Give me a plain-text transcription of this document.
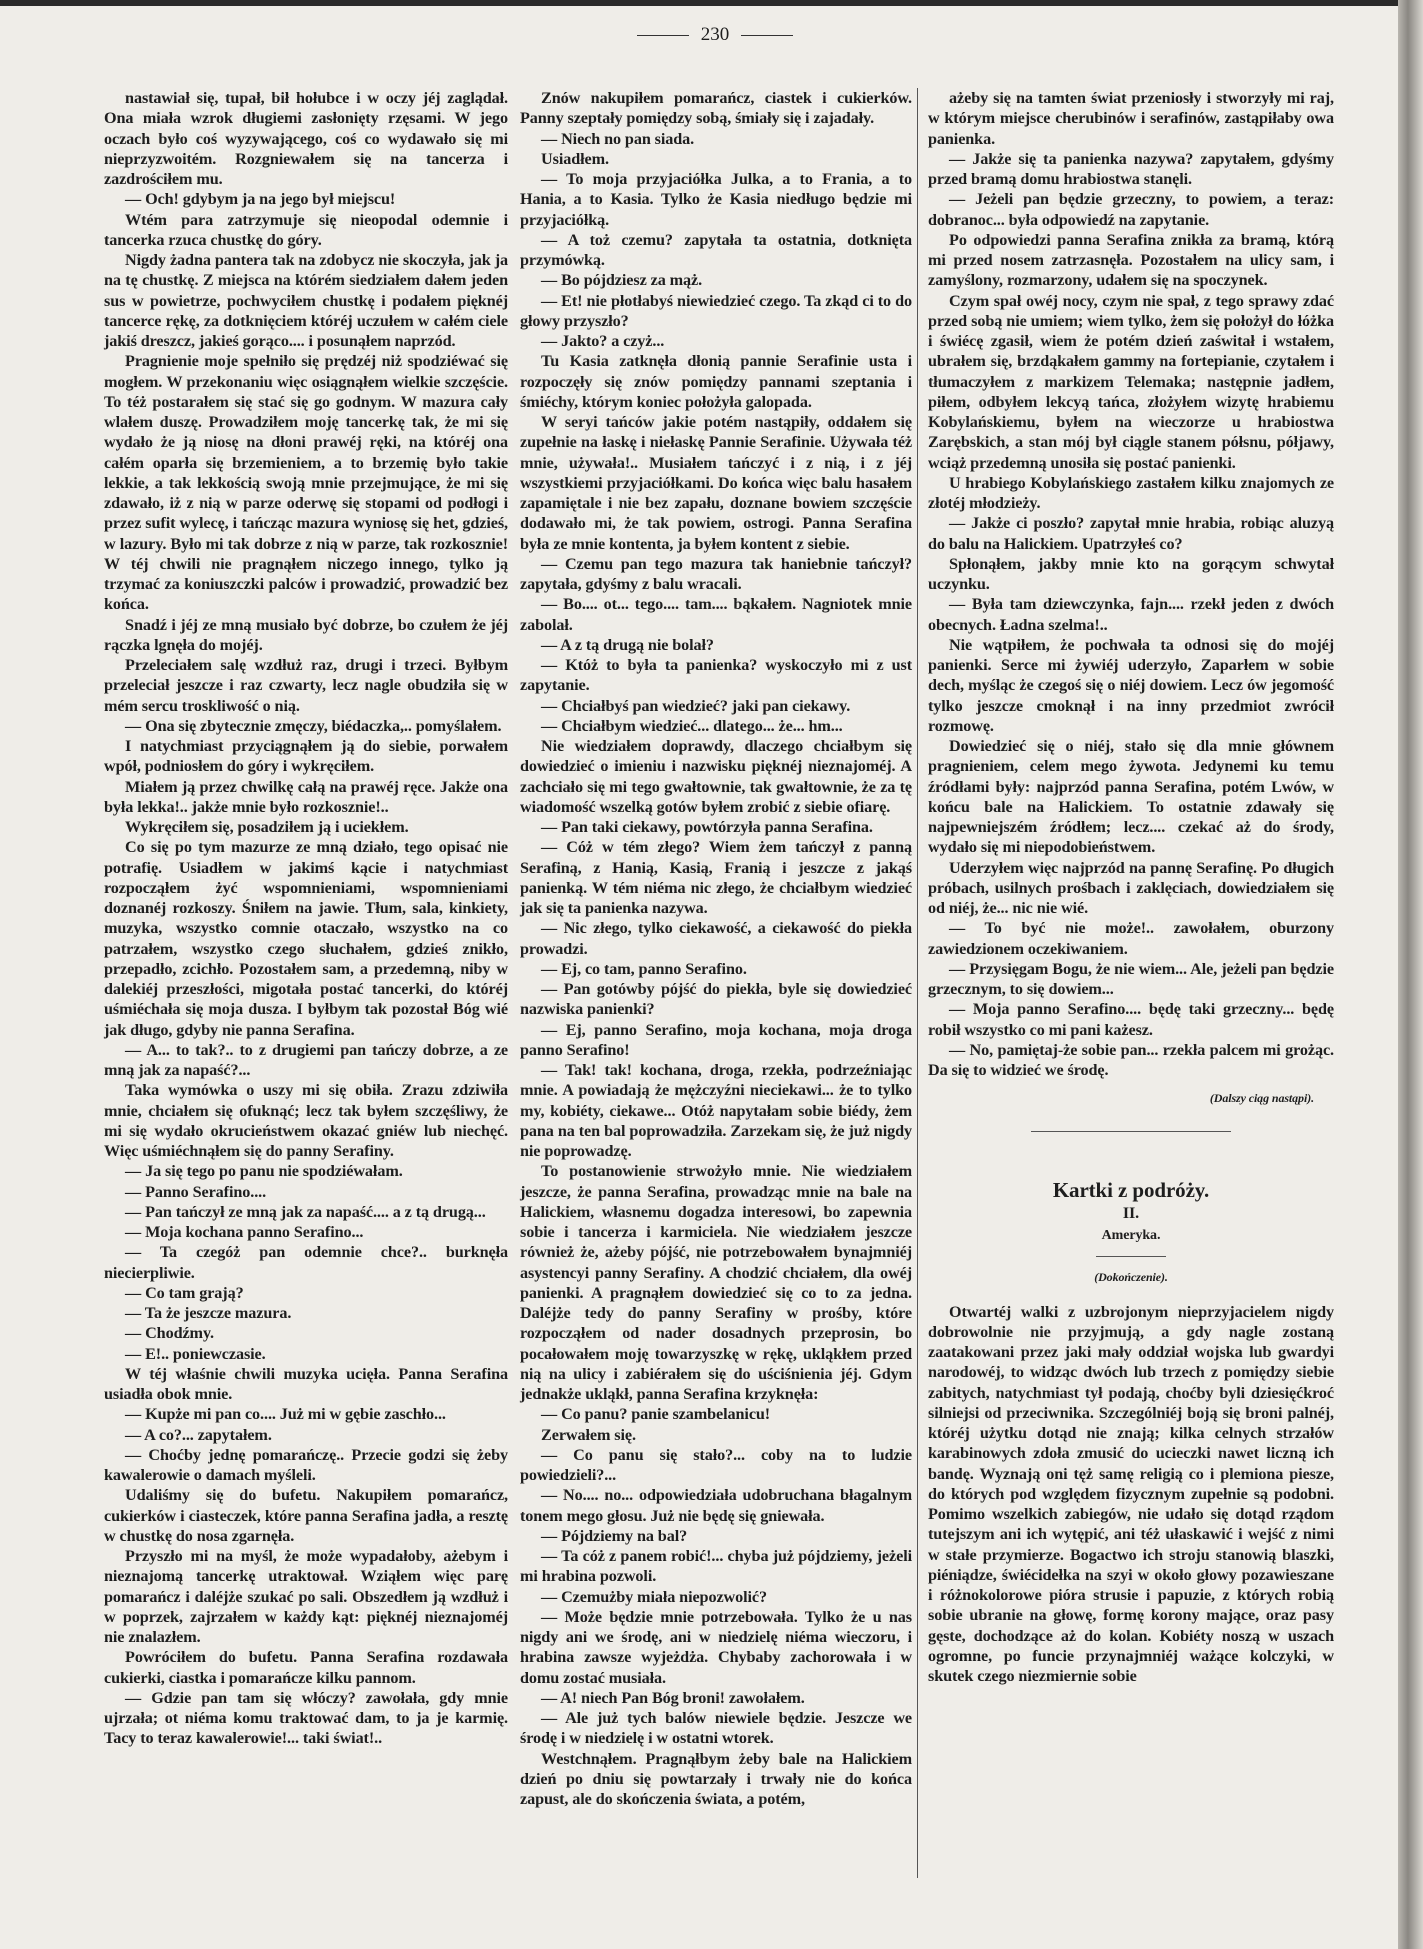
230

nastawiał się, tupał, bił hołubce i w oczy jéj zaglądał. Ona miała wzrok długiemi zasłonięty rzęsami. W jego oczach było coś wyzywającego, coś co wydawało się mi nieprzyzwoitém. Rozgniewałem się na tancerza i zazdrościłem mu.

— Och! gdybym ja na jego był miejscu!

Wtém para zatrzymuje się nieopodal odemnie i tancerka rzuca chustkę do góry.

Nigdy żadna pantera tak na zdobycz nie skoczyła, jak ja na tę chustkę. Z miejsca na którém siedziałem dałem jeden sus w powietrze, pochwyciłem chustkę i podałem pięknéj tancerce rękę, za dotknięciem któréj uczułem w całém ciele jakiś dreszcz, jakieś gorąco.... i posunąłem naprzód.

Pragnienie moje spełniło się prędzéj niż spodziéwać się mogłem. W przekonaniu więc osiągnąłem wielkie szczęście. To téż postarałem się stać się go godnym. W mazura cały wlałem duszę. Prowadziłem moję tancerkę tak, że mi się wydało że ją niosę na dłoni prawéj ręki, na któréj ona całém oparła się brzemieniem, a to brzemię było takie lekkie, a tak lekkością swoją mnie przejmujące, że mi się zdawało, iż z nią w parze oderwę się stopami od podłogi i przez sufit wylecę, i tańcząc mazura wyniosę się het, gdzieś, w lazury. Było mi tak dobrze z nią w parze, tak rozkosznie! W téj chwili nie pragnąłem niczego innego, tylko ją trzymać za koniuszczki palców i prowadzić, prowadzić bez końca.

Snadź i jéj ze mną musiało być dobrze, bo czułem że jéj rączka lgnęła do mojéj.

Przeleciałem salę wzdłuż raz, drugi i trzeci. Byłbym przeleciał jeszcze i raz czwarty, lecz nagle obudziła się w mém sercu troskliwość o nią.

— Ona się zbytecznie zmęczy, biédaczka,.. pomyślałem.

I natychmiast przyciągnąłem ją do siebie, porwałem wpół, podniosłem do góry i wykręciłem.

Miałem ją przez chwilkę całą na prawéj ręce. Jakże ona była lekka!.. jakże mnie było rozkosznie!..

Wykręciłem się, posadziłem ją i uciekłem.

Co się po tym mazurze ze mną działo, tego opisać nie potrafię. Usiadłem w jakimś kącie i natychmiast rozpocząłem żyć wspomnieniami, wspomnieniami doznanéj rozkoszy. Śniłem na jawie. Tłum, sala, kinkiety, muzyka, wszystko comnie otaczało, wszystko na co patrzałem, wszystko czego słuchałem, gdzieś znikło, przepadło, zcichło. Pozostałem sam, a przedemną, niby w dalekiéj przeszłości, migotała postać tancerki, do któréj uśmiéchała się moja dusza. I byłbym tak pozostał Bóg wié jak długo, gdyby nie panna Serafina.

— A... to tak?.. to z drugiemi pan tańczy dobrze, a ze mną jak za napaść?...

Taka wymówka o uszy mi się obiła. Zrazu zdziwiła mnie, chciałem się ofuknąć; lecz tak byłem szczęśliwy, że mi się wydało okrucieństwem okazać gniéw lub niechęć. Więc uśmiéchnąłem się do panny Serafiny.

— Ja się tego po panu nie spodziéwałam.

— Panno Serafino....

— Pan tańczył ze mną jak za napaść.... a z tą drugą...

— Moja kochana panno Serafino...

— Ta czegóż pan odemnie chce?.. burknęła niecierpliwie.

— Co tam grają?

— Ta że jeszcze mazura.

— Chodźmy.

— E!.. poniewczasie.

W téj właśnie chwili muzyka ucięła. Panna Serafina usiadła obok mnie.

— Kupże mi pan co.... Już mi w gębie zaschło...

— A co?... zapytałem.

— Choćby jednę pomarańczę.. Przecie godzi się żeby kawalerowie o damach myśleli.

Udaliśmy się do bufetu. Nakupiłem pomarańcz, cukierków i ciasteczek, które panna Serafina jadła, a resztę w chustkę do nosa zgarnęła.

Przyszło mi na myśl, że może wypadałoby, ażebym i nieznajomą tancerkę utraktował. Wziąłem więc parę pomarańcz i daléjże szukać po sali. Obszedłem ją wzdłuż i w poprzek, zajrzałem w każdy kąt: pięknéj nieznajoméj nie znalazłem.

Powróciłem do bufetu. Panna Serafina rozdawała cukierki, ciastka i pomarańcze kilku pannom.

— Gdzie pan tam się włóczy? zawołała, gdy mnie ujrzała; ot niéma komu traktować dam, to ja je karmię. Tacy to teraz kawalerowie!... taki świat!..

Znów nakupiłem pomarańcz, ciastek i cukierków. Panny szeptały pomiędzy sobą, śmiały się i zajadały.

— Niech no pan siada.

Usiadłem.

— To moja przyjaciółka Julka, a to Frania, a to Hania, a to Kasia. Tylko że Kasia niedługo będzie mi przyjaciółką.

— A toż czemu? zapytała ta ostatnia, dotknięta przymówką.

— Bo pójdziesz za mąż.

— Et! nie płotłabyś niewiedzieć czego. Ta zkąd ci to do głowy przyszło?

— Jakto? a czyż...

Tu Kasia zatknęła dłonią pannie Serafinie usta i rozpoczęły się znów pomiędzy pannami szeptania i śmiéchy, którym koniec położyła galopada.

W seryi tańców jakie potém nastąpiły, oddałem się zupełnie na łaskę i niełaskę Pannie Serafinie. Używała téż mnie, używała!.. Musiałem tańczyć i z nią, i z jéj wszystkiemi przyjaciółkami. Do końca więc balu hasałem zapamiętale i nie bez zapału, doznane bowiem szczęście dodawało mi, że tak powiem, ostrogi. Panna Serafina była ze mnie kontenta, ja byłem kontent z siebie.

— Czemu pan tego mazura tak haniebnie tańczył? zapytała, gdyśmy z balu wracali.

— Bo.... ot... tego.... tam.... bąkałem. Nagniotek mnie zabolał.

— A z tą drugą nie bolał?

— Któż to była ta panienka? wyskoczyło mi z ust zapytanie.

— Chciałbyś pan wiedzieć? jaki pan ciekawy.

— Chciałbym wiedzieć... dlatego... że... hm...

Nie wiedziałem doprawdy, dlaczego chciałbym się dowiedzieć o imieniu i nazwisku pięknéj nieznajoméj. A zachciało się mi tego gwałtownie, tak gwałtownie, że za tę wiadomość wszelką gotów byłem zrobić z siebie ofiarę.

— Pan taki ciekawy, powtórzyła panna Serafina.

— Cóż w tém złego? Wiem żem tańczył z panną Serafiną, z Hanią, Kasią, Franią i jeszcze z jakąś panienką. W tém niéma nic złego, że chciałbym wiedzieć jak się ta panienka nazywa.

— Nic złego, tylko ciekawość, a ciekawość do piekła prowadzi.

— Ej, co tam, panno Serafino.

— Pan gotówby pójść do piekła, byle się dowiedzieć nazwiska panienki?

— Ej, panno Serafino, moja kochana, moja droga panno Serafino!

— Tak! tak! kochana, droga, rzekła, podrzeźniając mnie. A powiadają że mężczyźni nieciekawi... że to tylko my, kobiéty, ciekawe... Otóż napytałam sobie biédy, żem pana na ten bal poprowadziła. Zarzekam się, że już nigdy nie poprowadzę.

To postanowienie strwożyło mnie. Nie wiedziałem jeszcze, że panna Serafina, prowadząc mnie na bale na Halickiem, własnemu dogadza interesowi, bo zapewnia sobie i tancerza i karmiciela. Nie wiedziałem jeszcze również że, ażeby pójść, nie potrzebowałem bynajmniéj asystencyi panny Serafiny. A chodzić chciałem, dla owéj panienki. A pragnąłem dowiedzieć się co to za jedna. Daléjże tedy do panny Serafiny w prośby, które rozpocząłem od nader dosadnych przeprosin, bo pocałowałem moję towarzyszkę w rękę, ukląkłem przed nią na ulicy i zabiérałem się do uściśnienia jéj. Gdym jednakże ukląkł, panna Serafina krzyknęła:

— Co panu? panie szambelanicu!

Zerwałem się.

— Co panu się stało?... coby na to ludzie powiedzieli?...

— No.... no... odpowiedziała udobruchana błagalnym tonem mego głosu. Już nie będę się gniewała.

— Pójdziemy na bal?

— Ta cóż z panem robić!... chyba już pójdziemy, jeżeli mi hrabina pozwoli.

— Czemużby miała niepozwolić?

— Może będzie mnie potrzebowała. Tylko że u nas nigdy ani we środę, ani w niedzielę niéma wieczoru, i hrabina zawsze wyjeżdża. Chybaby zachorowała i w domu zostać musiała.

— A! niech Pan Bóg broni! zawołałem.

— Ale już tych balów niewiele będzie. Jeszcze we środę i w niedzielę i w ostatni wtorek.

Westchnąłem. Pragnąłbym żeby bale na Halickiem dzień po dniu się powtarzały i trwały nie do końca zapust, ale do skończenia świata, a potém,

ażeby się na tamten świat przeniosły i stworzyły mi raj, w którym miejsce cherubinów i serafinów, zastąpiłaby owa panienka.

— Jakże się ta panienka nazywa? zapytałem, gdyśmy przed bramą domu hrabiostwa stanęli.

— Jeżeli pan będzie grzeczny, to powiem, a teraz: dobranoc... była odpowiedź na zapytanie.

Po odpowiedzi panna Serafina znikła za bramą, którą mi przed nosem zatrzasnęła. Pozostałem na ulicy sam, i zamyślony, rozmarzony, udałem się na spoczynek.

Czym spał owéj nocy, czym nie spał, z tego sprawy zdać przed sobą nie umiem; wiem tylko, żem się położył do łóżka i świécę zgasił, wiem że potém dzień zaświtał i wstałem, ubrałem się, brzdąkałem gammy na fortepianie, czytałem i tłumaczyłem z markizem Telemaka; następnie jadłem, piłem, odbyłem lekcyą tańca, złożyłem wizytę hrabiemu Kobylańskiemu, byłem na wieczorze u hrabiostwa Zarębskich, a stan mój był ciągle stanem półsnu, półjawy, wciąż przedemną unosiła się postać panienki.

U hrabiego Kobylańskiego zastałem kilku znajomych ze złotéj młodzieży.

— Jakże ci poszło? zapytał mnie hrabia, robiąc aluzyą do balu na Halickiem. Upatrzyłeś co?

Spłonąłem, jakby mnie kto na gorącym schwytał uczynku.

— Była tam dziewczynka, fajn.... rzekł jeden z dwóch obecnych. Ładna szelma!..

Nie wątpiłem, że pochwała ta odnosi się do mojéj panienki. Serce mi żywiéj uderzyło, Zaparłem w sobie dech, myśląc że czegoś się o niéj dowiem. Lecz ów jegomość tylko jeszcze cmoknął i na inny przedmiot zwrócił rozmowę.

Dowiedzieć się o niéj, stało się dla mnie głównem pragnieniem, celem mego żywota. Jedynemi ku temu źródłami były: najprzód panna Serafina, potém Lwów, w końcu bale na Halickiem. To ostatnie zdawały się najpewniejszém źródłem; lecz.... czekać aż do środy, wydało się mi niepodobieństwem.

Uderzyłem więc najprzód na pannę Serafinę. Po długich próbach, usilnych prośbach i zaklęciach, dowiedziałem się od niéj, że... nic nie wié.

— To być nie może!.. zawołałem, oburzony zawiedzionem oczekiwaniem.

— Przysięgam Bogu, że nie wiem... Ale, jeżeli pan będzie grzecznym, to się dowiem...

— Moja panno Serafino.... będę taki grzeczny... będę robił wszystko co mi pani każesz.

— No, pamiętaj-że sobie pan... rzekła palcem mi grożąc. Da się to widzieć we środę.

(Dalszy ciąg nastąpi).

Kartki z podróży.
II.
Ameryka.
(Dokończenie).

Otwartéj walki z uzbrojonym nieprzyjacielem nigdy dobrowolnie nie przyjmują, a gdy nagle zostaną zaatakowani przez jaki mały oddział wojska lub gwardyi narodowéj, to widząc dwóch lub trzech z pomiędzy siebie zabitych, natychmiast tył podają, choćby byli dziesięćkroć silniejsi od przeciwnika. Szczególniéj boją się broni palnéj, któréj użytku dotąd nie znają; kilka celnych strzałów karabinowych zdoła zmusić do ucieczki nawet liczną ich bandę. Wyznają oni tęż samę religią co i plemiona piesze, do których pod względem fizycznym zupełnie są podobni. Pomimo wszelkich zabiegów, nie udało się dotąd rządom tutejszym ani ich wytępić, ani téż ułaskawić i wejść z nimi w stałe przymierze. Bogactwo ich stroju stanowią blaszki, piéniądze, świécidełka na szyi w około głowy pozawieszane i różnokolorowe pióra strusie i papuzie, z których robią sobie ubranie na głowę, formę korony mające, oraz pasy gęste, dochodzące aż do kolan. Kobiéty noszą w uszach ogromne, po funcie przynajmniéj ważące kolczyki, w skutek czego niezmiernie sobie
